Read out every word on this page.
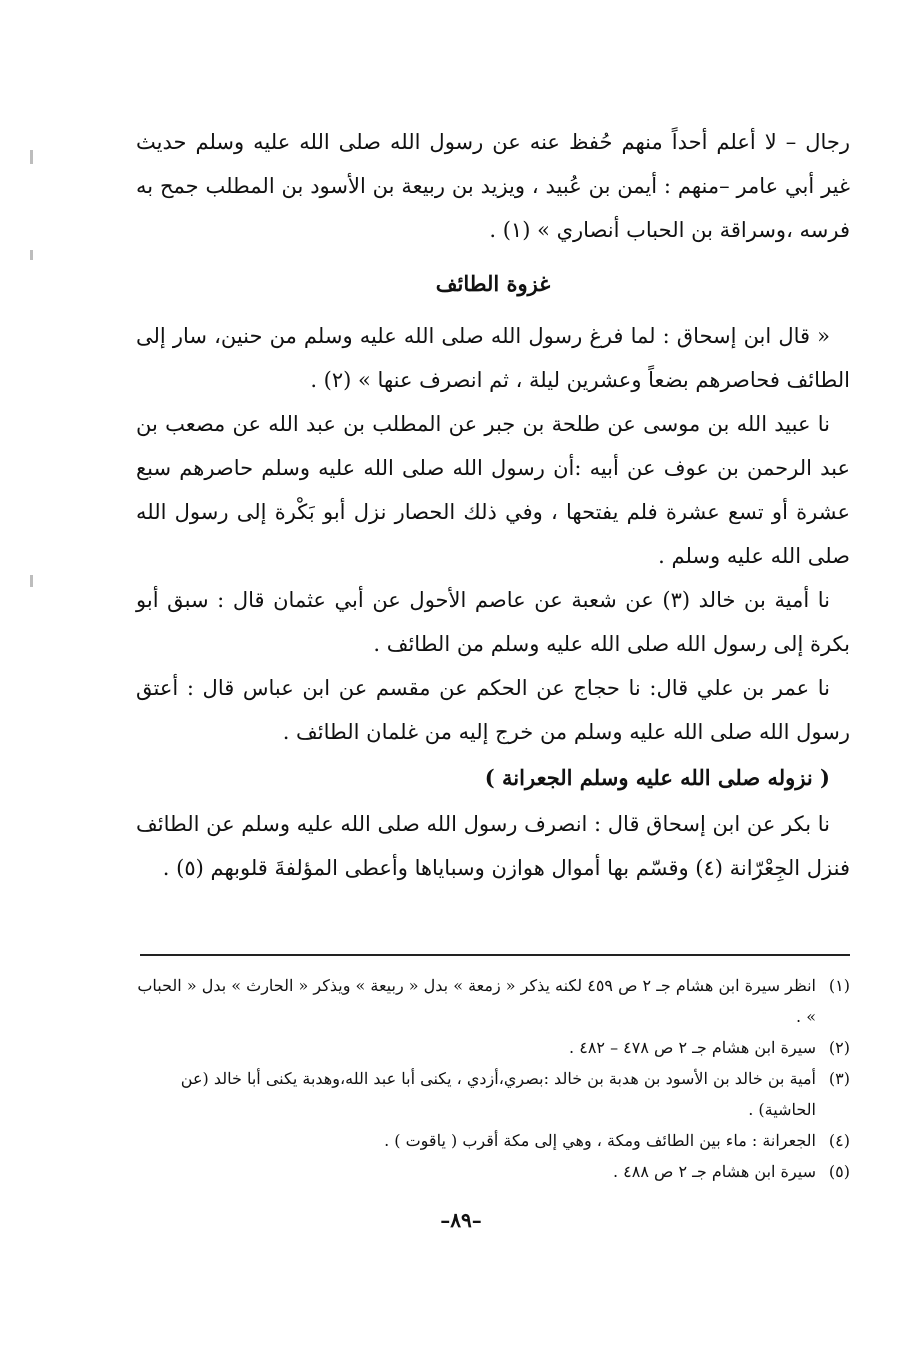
رجال – لا أعلم أحداً منهم حُفظ عنه عن رسول الله صلى الله عليه وسلم حديث غير أبي عامر –منهم : أيمن بن عُبيد ، ويزيد بن ربيعة بن الأسود بن المطلب جمح به فرسه ،وسراقة بن الحباب أنصاري » (١) .

غزوة الطائف

« قال ابن إسحاق : لما فرغ رسول الله صلى الله عليه وسلم من حنين، سار إلى الطائف فحاصرهم بضعاً وعشرين ليلة ، ثم انصرف عنها » (٢) .

نا عبيد الله بن موسى عن طلحة بن جبر عن المطلب بن عبد الله عن مصعب بن عبد الرحمن بن عوف عن أبيه :أن رسول الله صلى الله عليه وسلم حاصرهم سبع عشرة أو تسع عشرة فلم يفتحها ، وفي ذلك الحصار نزل أبو بَكْرة إلى رسول الله صلى الله عليه وسلم .

نا أمية بن خالد (٣) عن شعبة عن عاصم الأحول عن أبي عثمان قال : سبق أبو بكرة إلى رسول الله صلى الله عليه وسلم من الطائف .

نا عمر بن علي قال: نا حجاج عن الحكم عن مقسم عن ابن عباس قال : أعتق رسول الله صلى الله عليه وسلم من خرج إليه من غلمان الطائف .

( نزوله صلى الله عليه وسلم الجعرانة )

نا بكر عن ابن إسحاق قال : انصرف رسول الله صلى الله عليه وسلم عن الطائف فنزل الجِعْرّانة (٤) وقسّم بها أموال هوازن وسباياها وأعطى المؤلفةَ قلوبهم (٥) .

(١)
انظر سيرة ابن هشام جـ ٢ ص ٤٥٩ لكنه يذكر « زمعة » بدل « ربيعة » ويذكر « الحارث » بدل « الحباب » .
(٢)
سيرة ابن هشام جـ ٢ ص ٤٧٨ – ٤٨٢ .
(٣)
أمية بن خالد بن الأسود بن هدبة بن خالد :بصري،أزدي ، يكنى أبا عبد الله،وهدبة يكنى أبا خالد (عن الحاشية) .
(٤)
الجعرانة : ماء بين الطائف ومكة ، وهي إلى مكة أقرب ( ياقوت ) .
(٥)
سيرة ابن هشام جـ ٢ ص ٤٨٨ .
–٨٩–
